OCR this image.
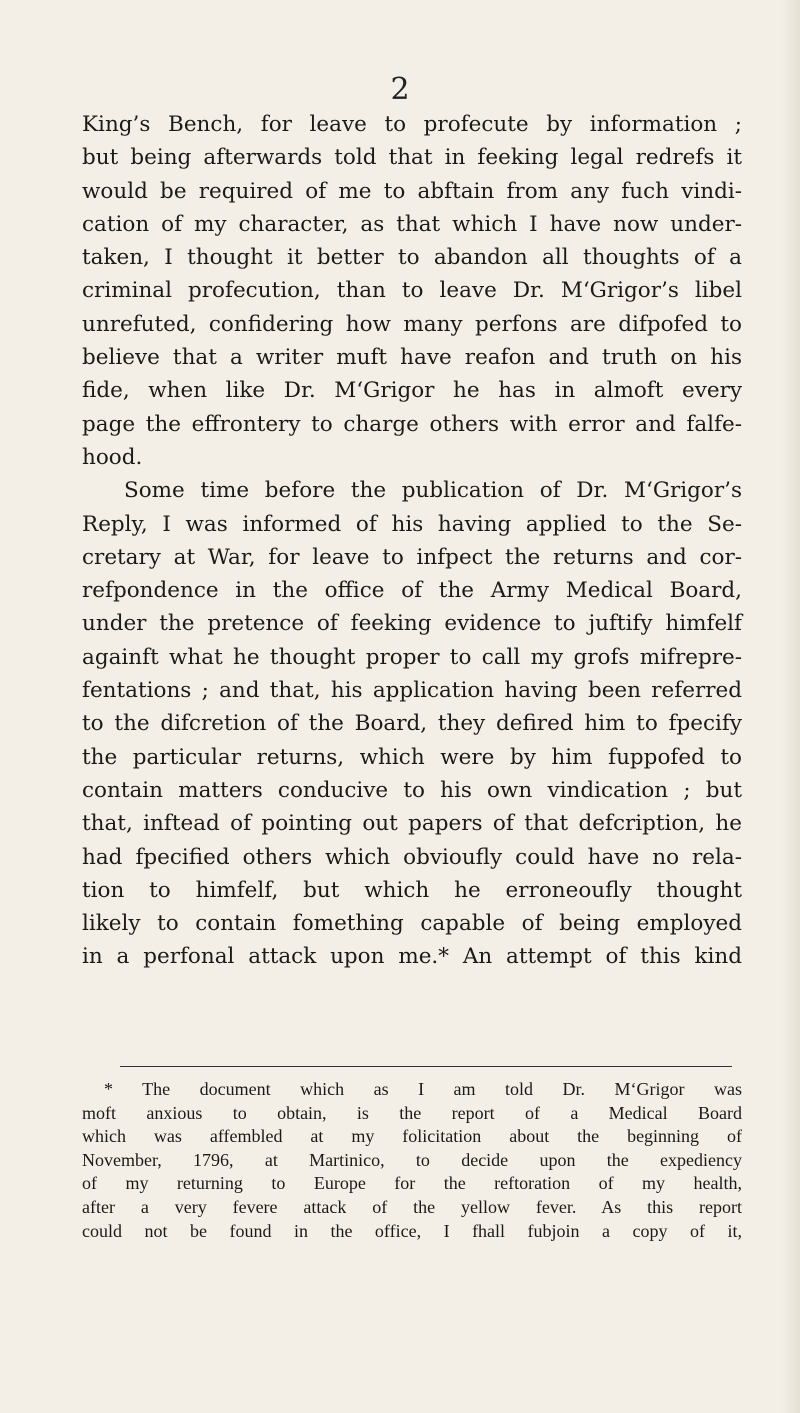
2
King’s Bench, for leave to profecute by information ;
but being afterwards told that in feeking legal redrefs it
would be required of me to abftain from any fuch vindi-
cation of my character, as that which I have now under-
taken, I thought it better to abandon all thoughts of a
criminal profecution, than to leave Dr. M‘Grigor’s libel
unrefuted, confidering how many perfons are difpofed to
believe that a writer muft have reafon and truth on his
fide, when like Dr. M‘Grigor he has in almoft every
page the effrontery to charge others with error and falfe-
hood.
Some time before the publication of Dr. M‘Grigor’s
Reply, I was informed of his having applied to the Se-
cretary at War, for leave to infpect the returns and cor-
refpondence in the office of the Army Medical Board,
under the pretence of feeking evidence to juftify himfelf
againft what he thought proper to call my grofs mifrepre-
fentations ; and that, his application having been referred
to the difcretion of the Board, they defired him to fpecify
the particular returns, which were by him fuppofed to
contain matters conducive to his own vindication ; but
that, inftead of pointing out papers of that defcription, he
had fpecified others which obvioufly could have no rela-
tion to himfelf, but which he erroneoufly thought
likely to contain fomething capable of being employed
in a perfonal attack upon me.* An attempt of this kind
* The document which as I am told Dr. M‘Grigor was
moft anxious to obtain, is the report of a Medical Board
which was affembled at my folicitation about the beginning of
November, 1796, at Martinico, to decide upon the expediency
of my returning to Europe for the reftoration of my health,
after a very fevere attack of the yellow fever. As this report
could not be found in the office, I fhall fubjoin a copy of it,
